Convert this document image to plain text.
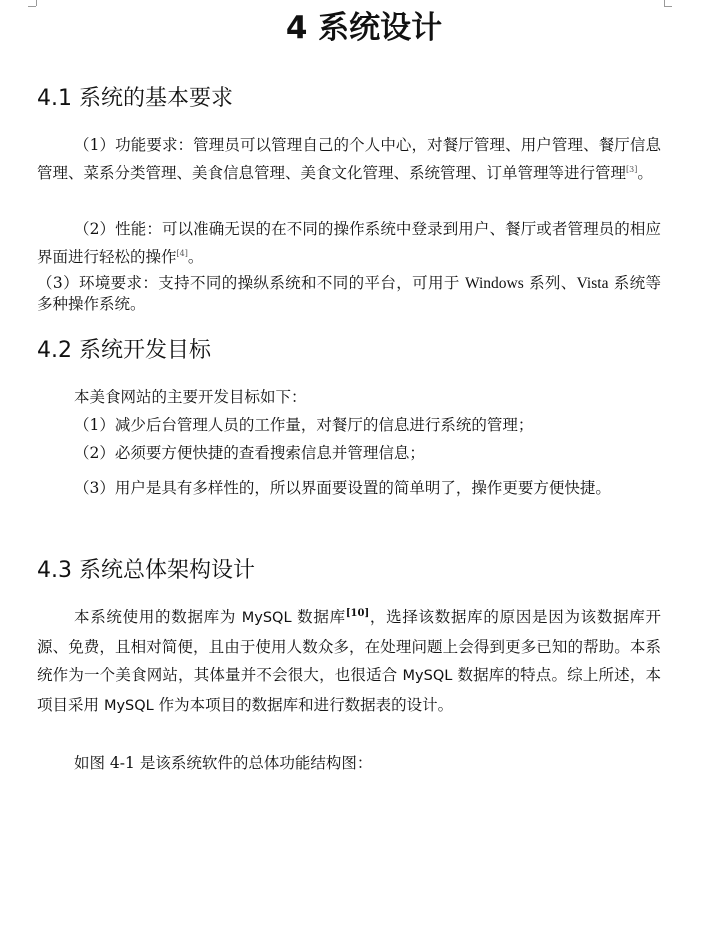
4 系统设计
4.1 系统的基本要求

（1）功能要求：管理员可以管理自己的个人中心，对餐厅管理、用户管理、餐厅信息管理、菜系分类管理、美食信息管理、美食文化管理、系统管理、订单管理等进行管理[3]。

（2）性能：可以准确无误的在不同的操作系统中登录到用户、餐厅或者管理员的相应界面进行轻松的操作[4]。

（3）环境要求：支持不同的操纵系统和不同的平台，可用于 Windows 系列、Vista 系统等多种操作系统。

4.2 系统开发目标

本美食网站的主要开发目标如下：

（1）减少后台管理人员的工作量，对餐厅的信息进行系统的管理；

（2）必须要方便快捷的查看搜索信息并管理信息；

（3）用户是具有多样性的，所以界面要设置的简单明了，操作更要方便快捷。

4.3 系统总体架构设计

本系统使用的数据库为 MySQL 数据库[10]，选择该数据库的原因是因为该数据库开源、免费，且相对简便，且由于使用人数众多，在处理问题上会得到更多已知的帮助。本系统作为一个美食网站，其体量并不会很大，也很适合 MySQL 数据库的特点。综上所述，本项目采用 MySQL 作为本项目的数据库和进行数据表的设计。

如图 4-1 是该系统软件的总体功能结构图：
